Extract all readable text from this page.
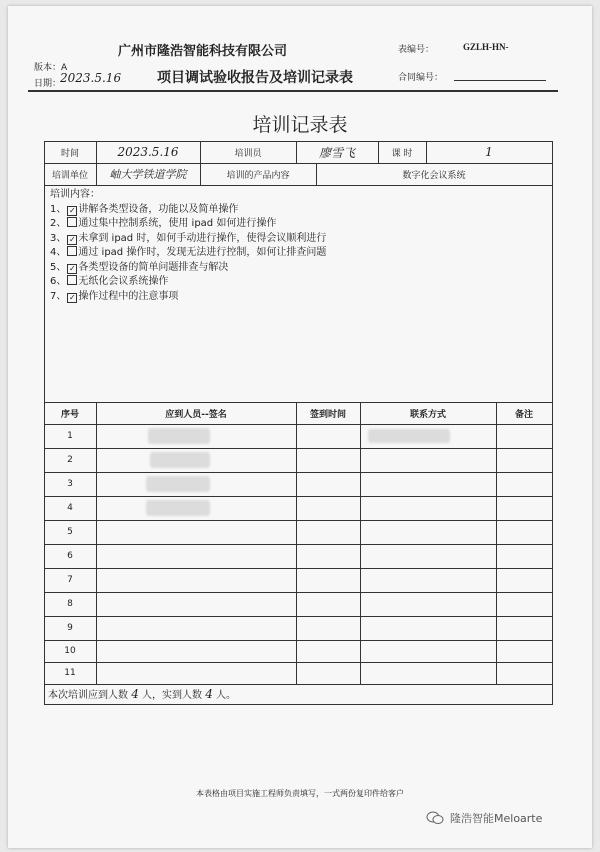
广州市隆浩智能科技有限公司	表编号：	GZLH-HN-
版本：A
日期：
2023.5.16	项目调试验收报告及培训记录表	合同编号：
培训记录表
时间	2023.5.16	培训员	廖雪飞	课 时	1
培训单位	岫大学铁道学院	培训的产品内容	数字化会议系统
培训内容：
1、 ✓ 讲解各类型设备，功能以及简单操作
2、 通过集中控制系统，使用 ipad 如何进行操作
3、 ✓ 未拿到 ipad 时，如何手动进行操作，使得会议顺利进行
4、 通过 ipad 操作时，发现无法进行控制，如何让排查问题
5、 ✓ 各类型设备的简单问题排查与解决
6、 无纸化会议系统操作
7、 ✓ 操作过程中的注意事项
序号	应到人员--签名	签到时间	联系方式	备注
1
2
3
4
5
6
7
8
9
10
11
本次培训应到人数 4 人，实到人数 4 人。
本表格由项目实施工程师负责填写，一式两份复印件给客户
隆浩智能Meloarte
